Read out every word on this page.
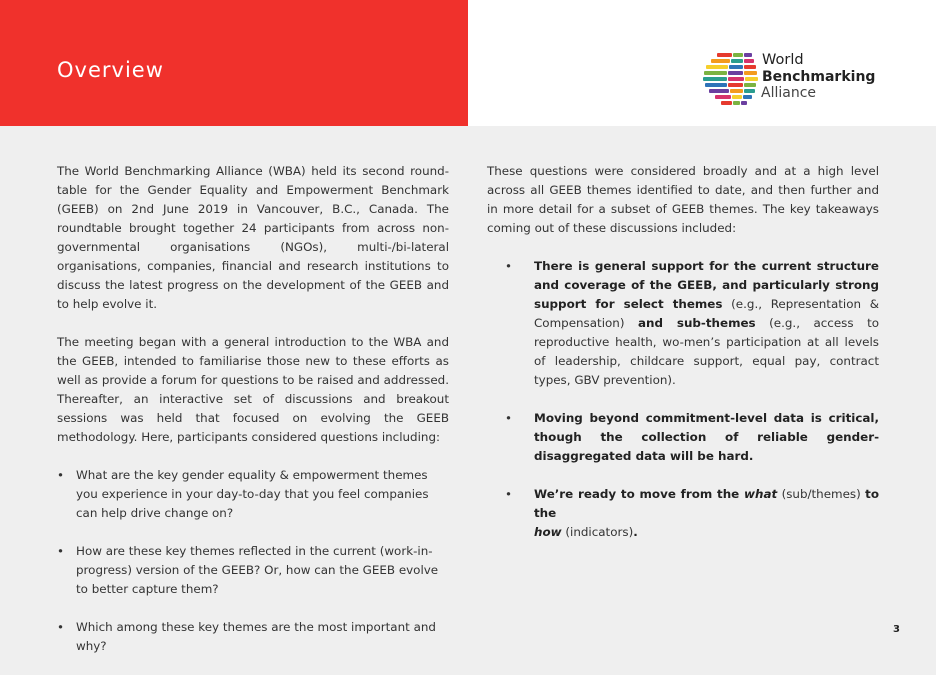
Overview	World
Benchmarking
Alliance

The World Benchmarking Alliance (WBA) held its second round-table for the Gender Equality and Empowerment Benchmark (GEEB) on 2nd June 2019 in Vancouver, B.C., Canada. The roundtable brought together 24 participants from across non-governmental organisations (NGOs), multi-/bi-lateral organisations, companies, financial and research institutions to discuss the latest progress on the development of the GEEB and to help evolve it.

The meeting began with a general introduction to the WBA and the GEEB, intended to familiarise those new to these efforts as well as provide a forum for questions to be raised and addressed. Thereafter, an interactive set of discussions and breakout sessions was held that focused on evolving the GEEB methodology. Here, participants considered questions including:

• What are the key gender equality & empowerment themes you experience in your day-to-day that you feel companies can help drive change on?
• How are these key themes reflected in the current (work-in-progress) version of the GEEB? Or, how can the GEEB evolve to better capture them?
• Which among these key themes are the most important and why?

These questions were considered broadly and at a high level across all GEEB themes identified to date, and then further and in more detail for a subset of GEEB themes. The key takeaways coming out of these discussions included:

• There is general support for the current structure and coverage of the GEEB, and particularly strong support for select themes (e.g., Representation & Compensation) and sub-themes (e.g., access to reproductive health, wo-men’s participation at all levels of leadership, childcare support, equal pay, contract types, GBV prevention).
• Moving beyond commitment-level data is critical, though the collection of reliable gender-disaggregated data will be hard.
• We’re ready to move from the what (sub/themes) to the
how (indicators).
3
